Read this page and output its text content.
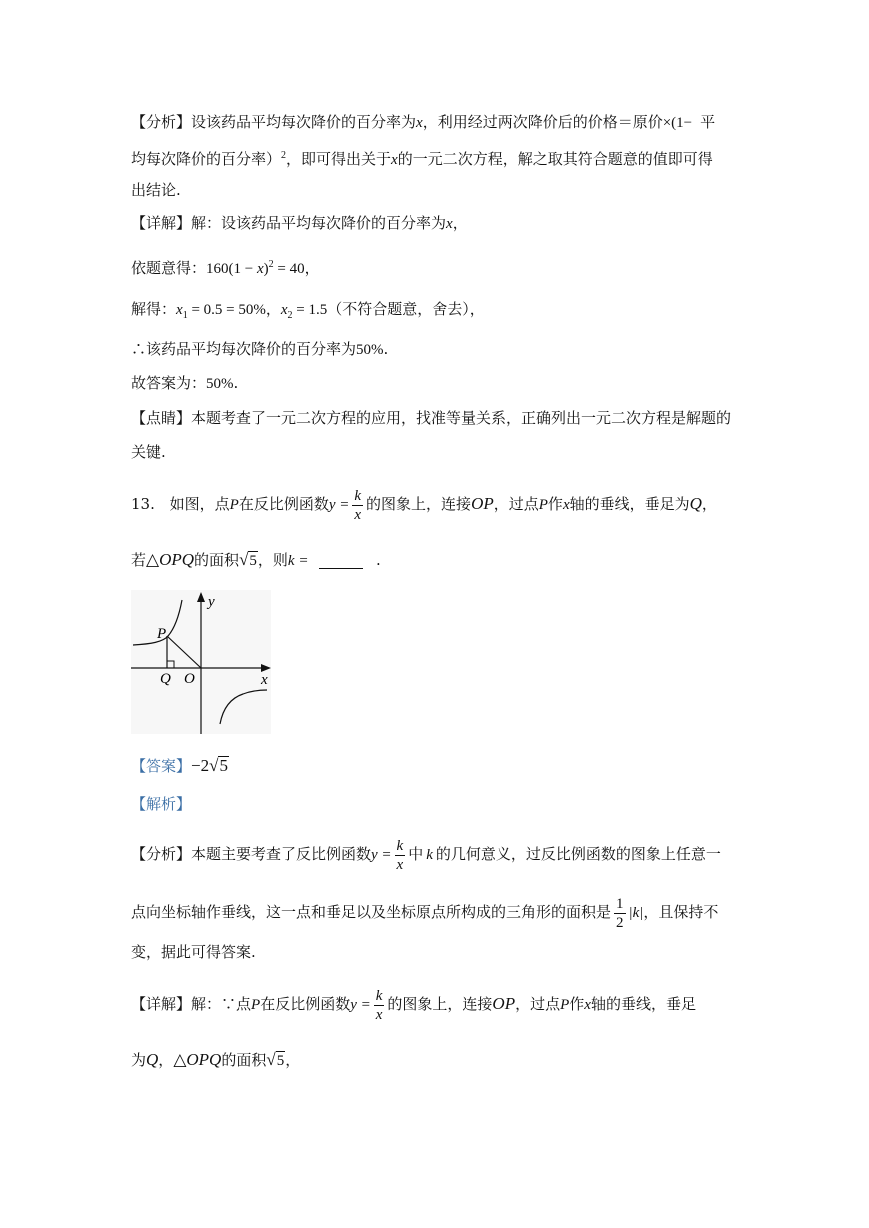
【分析】设该药品平均每次降价的百分率为x，利用经过两次降价后的价格＝原价×(1− 平
均每次降价的百分率）$^2$，即可得出关于x的一元二次方程，解之取其符合题意的值即可得
出结论.
【详解】解：设该药品平均每次降价的百分率为x，
依题意得：$160(1 - x)^2 = 40$，
解得：$x_1 = 0.5 = 50\%$，$x_2 = 1.5$（不符合题意，舍去），
∴该药品平均每次降价的百分率为50%.
故答案为：50%.
【点睛】本题考查了一元二次方程的应用，找准等量关系，正确列出一元二次方程是解题的
关键.
13. 如图，点P在反比例函数$y = \frac{k}{x}$ 的图象上，连接OP，过点P作x轴的垂线，垂足为Q，
若△OPQ的面积√5，则k =	.
y
x
P
Q O
【答案】−2√5
【解析】
【分析】本题主要考查了反比例函数$y = \frac{k}{x}$ 中 k 的几何意义，过反比例函数的图象上任意一
点向坐标轴作垂线，这一点和垂足以及坐标原点所构成的三角形的面积是 $\frac{1}{2} |k|$，且保持不
变，据此可得答案.
【详解】解：∵点P在反比例函数$y = \frac{k}{x}$ 的图象上，连接OP，过点P作x轴的垂线，垂足
为Q，△OPQ的面积√5，
